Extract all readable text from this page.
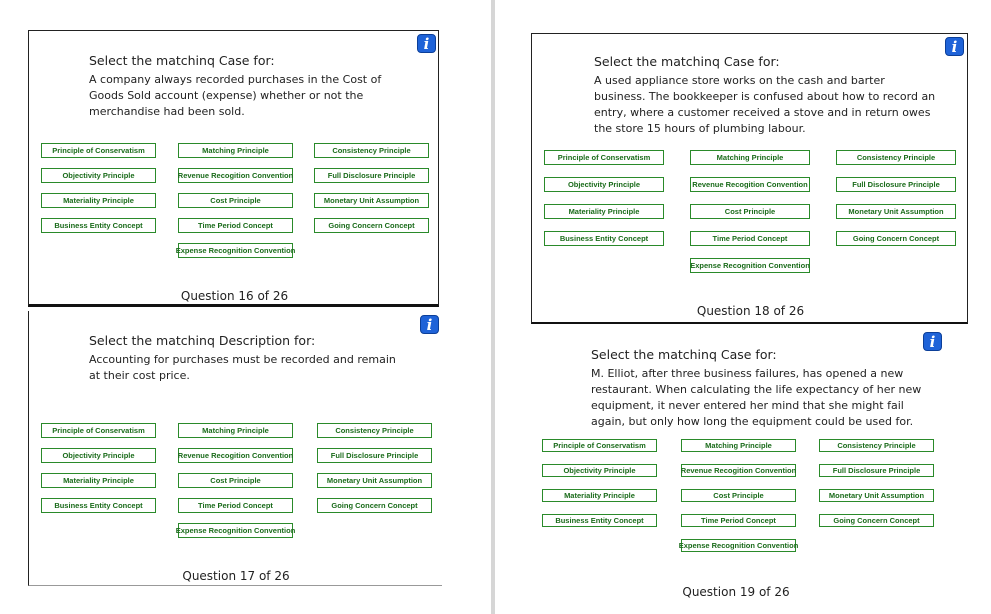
i
Select the matchinq Case for:
A company always recorded purchases in the Cost of Goods Sold account (expense) whether or not the merchandise had been sold.
Principle of Conservatism	Matching Principle	Consistency Principle
Objectivity Principle	Revenue Recogition Convention	Full Disclosure Principle
Materiality Principle	Cost Principle	Monetary Unit Assumption
Business Entity Concept	Time Period Concept	Going Concern Concept
Expense Recognition Convention
Question 16 of 26
i
Select the matchinq Description for:
Accounting for purchases must be recorded and remain at their cost price.
Principle of Conservatism	Matching Principle	Consistency Principle
Objectivity Principle	Revenue Recogition Convention	Full Disclosure Principle
Materiality Principle	Cost Principle	Monetary Unit Assumption
Business Entity Concept	Time Period Concept	Going Concern Concept
Expense Recognition Convention
Question 17 of 26
i
Select the matchinq Case for:
A used appliance store works on the cash and barter business. The bookkeeper is confused about how to record an entry, where a customer received a stove and in return owes the store 15 hours of plumbing labour.
Principle of Conservatism	Matching Principle	Consistency Principle
Objectivity Principle	Revenue Recogition Convention	Full Disclosure Principle
Materiality Principle	Cost Principle	Monetary Unit Assumption
Business Entity Concept	Time Period Concept	Going Concern Concept
Expense Recognition Convention
Question 18 of 26
i
Select the matchinq Case for:
M. Elliot, after three business failures, has opened a new restaurant. When calculating the life expectancy of her new equipment, it never entered her mind that she might fail again, but only how long the equipment could be used for.
Principle of Conservatism	Matching Principle	Consistency Principle
Objectivity Principle	Revenue Recogition Convention	Full Disclosure Principle
Materiality Principle	Cost Principle	Monetary Unit Assumption
Business Entity Concept	Time Period Concept	Going Concern Concept
Expense Recognition Convention
Question 19 of 26
